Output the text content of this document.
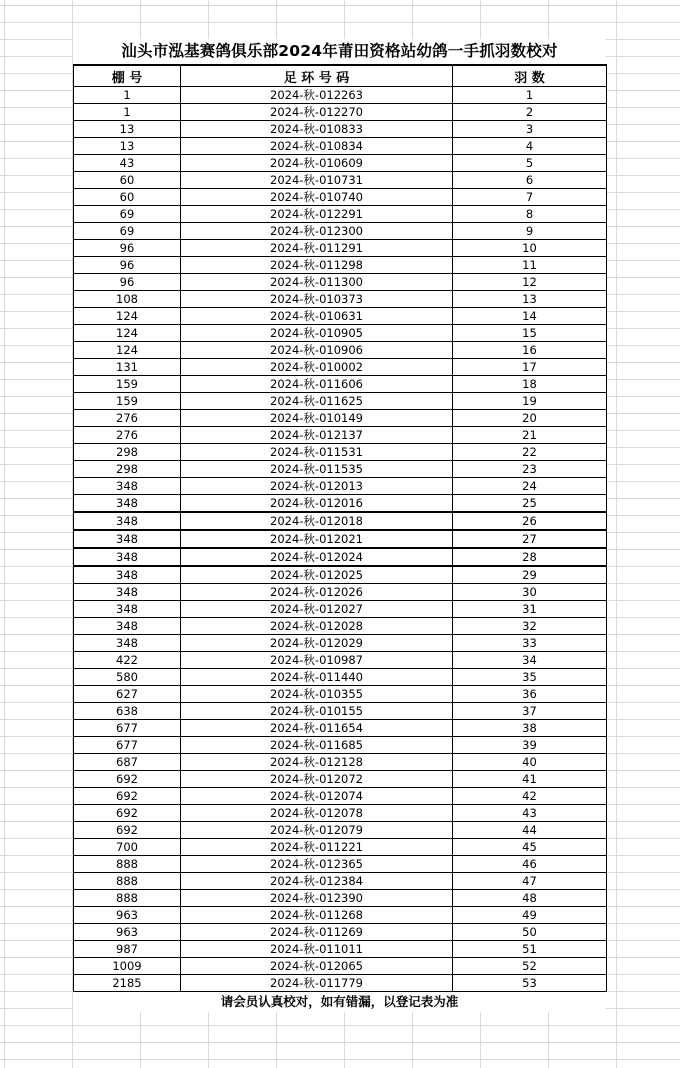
汕头市泓基赛鸽俱乐部2024年莆田资格站幼鸽一手抓羽数校对
棚 号	足 环 号 码	羽 数
1	2024-秋-012263	1
1	2024-秋-012270	2
13	2024-秋-010833	3
13	2024-秋-010834	4
43	2024-秋-010609	5
60	2024-秋-010731	6
60	2024-秋-010740	7
69	2024-秋-012291	8
69	2024-秋-012300	9
96	2024-秋-011291	10
96	2024-秋-011298	11
96	2024-秋-011300	12
108	2024-秋-010373	13
124	2024-秋-010631	14
124	2024-秋-010905	15
124	2024-秋-010906	16
131	2024-秋-010002	17
159	2024-秋-011606	18
159	2024-秋-011625	19
276	2024-秋-010149	20
276	2024-秋-012137	21
298	2024-秋-011531	22
298	2024-秋-011535	23
348	2024-秋-012013	24
348	2024-秋-012016	25
348	2024-秋-012018	26
348	2024-秋-012021	27
348	2024-秋-012024	28
348	2024-秋-012025	29
348	2024-秋-012026	30
348	2024-秋-012027	31
348	2024-秋-012028	32
348	2024-秋-012029	33
422	2024-秋-010987	34
580	2024-秋-011440	35
627	2024-秋-010355	36
638	2024-秋-010155	37
677	2024-秋-011654	38
677	2024-秋-011685	39
687	2024-秋-012128	40
692	2024-秋-012072	41
692	2024-秋-012074	42
692	2024-秋-012078	43
692	2024-秋-012079	44
700	2024-秋-011221	45
888	2024-秋-012365	46
888	2024-秋-012384	47
888	2024-秋-012390	48
963	2024-秋-011268	49
963	2024-秋-011269	50
987	2024-秋-011011	51
1009	2024-秋-012065	52
2185	2024-秋-011779	53
请会员认真校对，如有错漏，以登记表为准
